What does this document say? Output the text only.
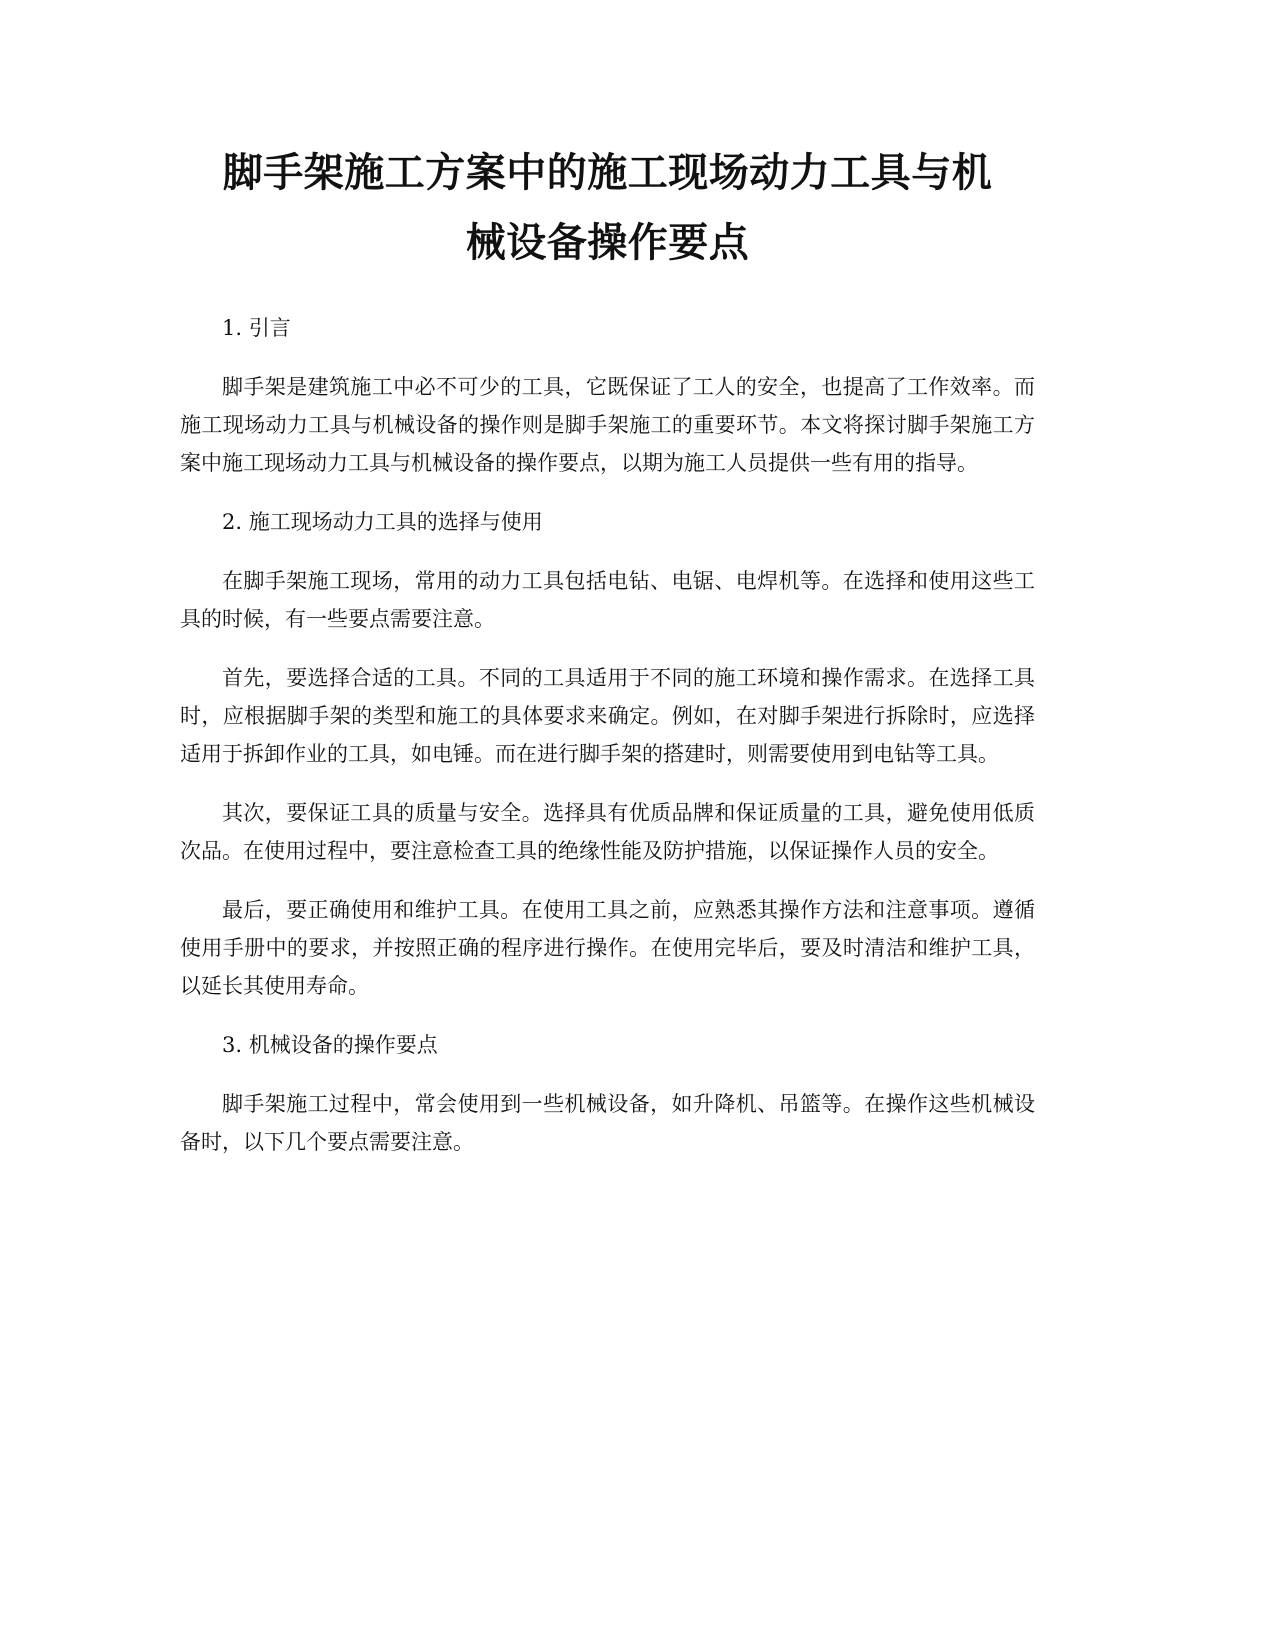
脚手架施工方案中的施工现场动力工具与机
械设备操作要点

1. 引言

脚手架是建筑施工中必不可少的工具，它既保证了工人的安全，也提高了工作效率。而施工现场动力工具与机械设备的操作则是脚手架施工的重要环节。本文将探讨脚手架施工方案中施工现场动力工具与机械设备的操作要点，以期为施工人员提供一些有用的指导。

2. 施工现场动力工具的选择与使用

在脚手架施工现场，常用的动力工具包括电钻、电锯、电焊机等。在选择和使用这些工具的时候，有一些要点需要注意。

首先，要选择合适的工具。不同的工具适用于不同的施工环境和操作需求。在选择工具时，应根据脚手架的类型和施工的具体要求来确定。例如，在对脚手架进行拆除时，应选择适用于拆卸作业的工具，如电锤。而在进行脚手架的搭建时，则需要使用到电钻等工具。

其次，要保证工具的质量与安全。选择具有优质品牌和保证质量的工具，避免使用低质次品。在使用过程中，要注意检查工具的绝缘性能及防护措施，以保证操作人员的安全。

最后，要正确使用和维护工具。在使用工具之前，应熟悉其操作方法和注意事项。遵循使用手册中的要求，并按照正确的程序进行操作。在使用完毕后，要及时清洁和维护工具，以延长其使用寿命。

3. 机械设备的操作要点

脚手架施工过程中，常会使用到一些机械设备，如升降机、吊篮等。在操作这些机械设备时，以下几个要点需要注意。
